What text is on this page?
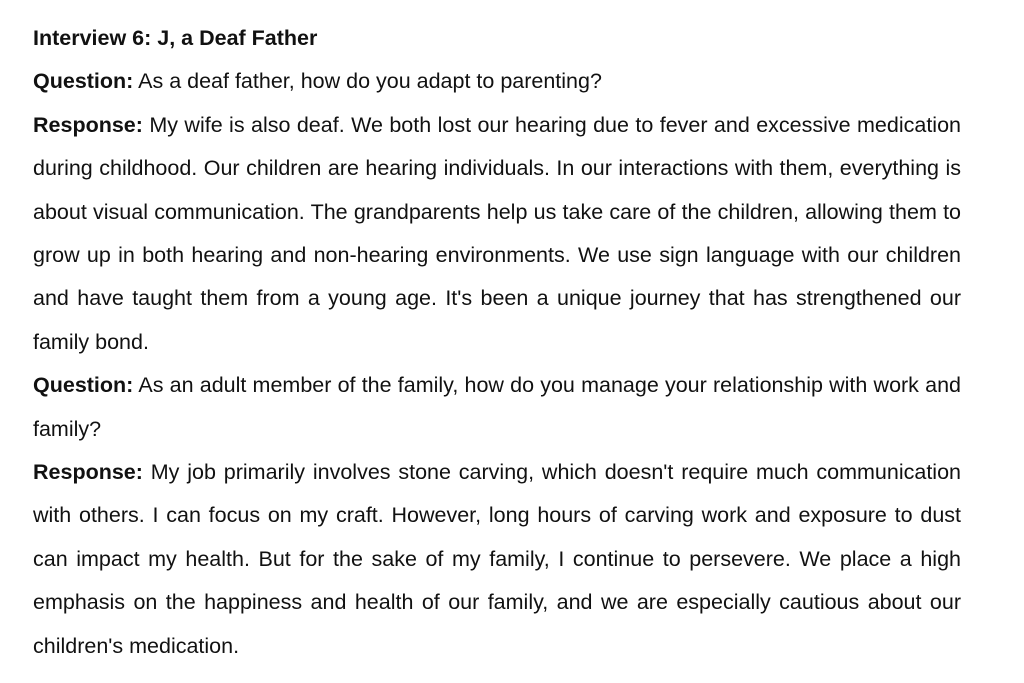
Interview 6: J, a Deaf Father

Question: As a deaf father, how do you adapt to parenting?

Response: My wife is also deaf. We both lost our hearing due to fever and excessive medication during childhood. Our children are hearing individuals. In our interactions with them, everything is about visual communication. The grandparents help us take care of the children, allowing them to grow up in both hearing and non-hearing environments. We use sign language with our children and have taught them from a young age. It's been a unique journey that has strengthened our family bond.

Question: As an adult member of the family, how do you manage your relationship with work and family?

Response: My job primarily involves stone carving, which doesn't require much communication with others. I can focus on my craft. However, long hours of carving work and exposure to dust can impact my health. But for the sake of my family, I continue to persevere. We place a high emphasis on the happiness and health of our family, and we are especially cautious about our children's medication.
